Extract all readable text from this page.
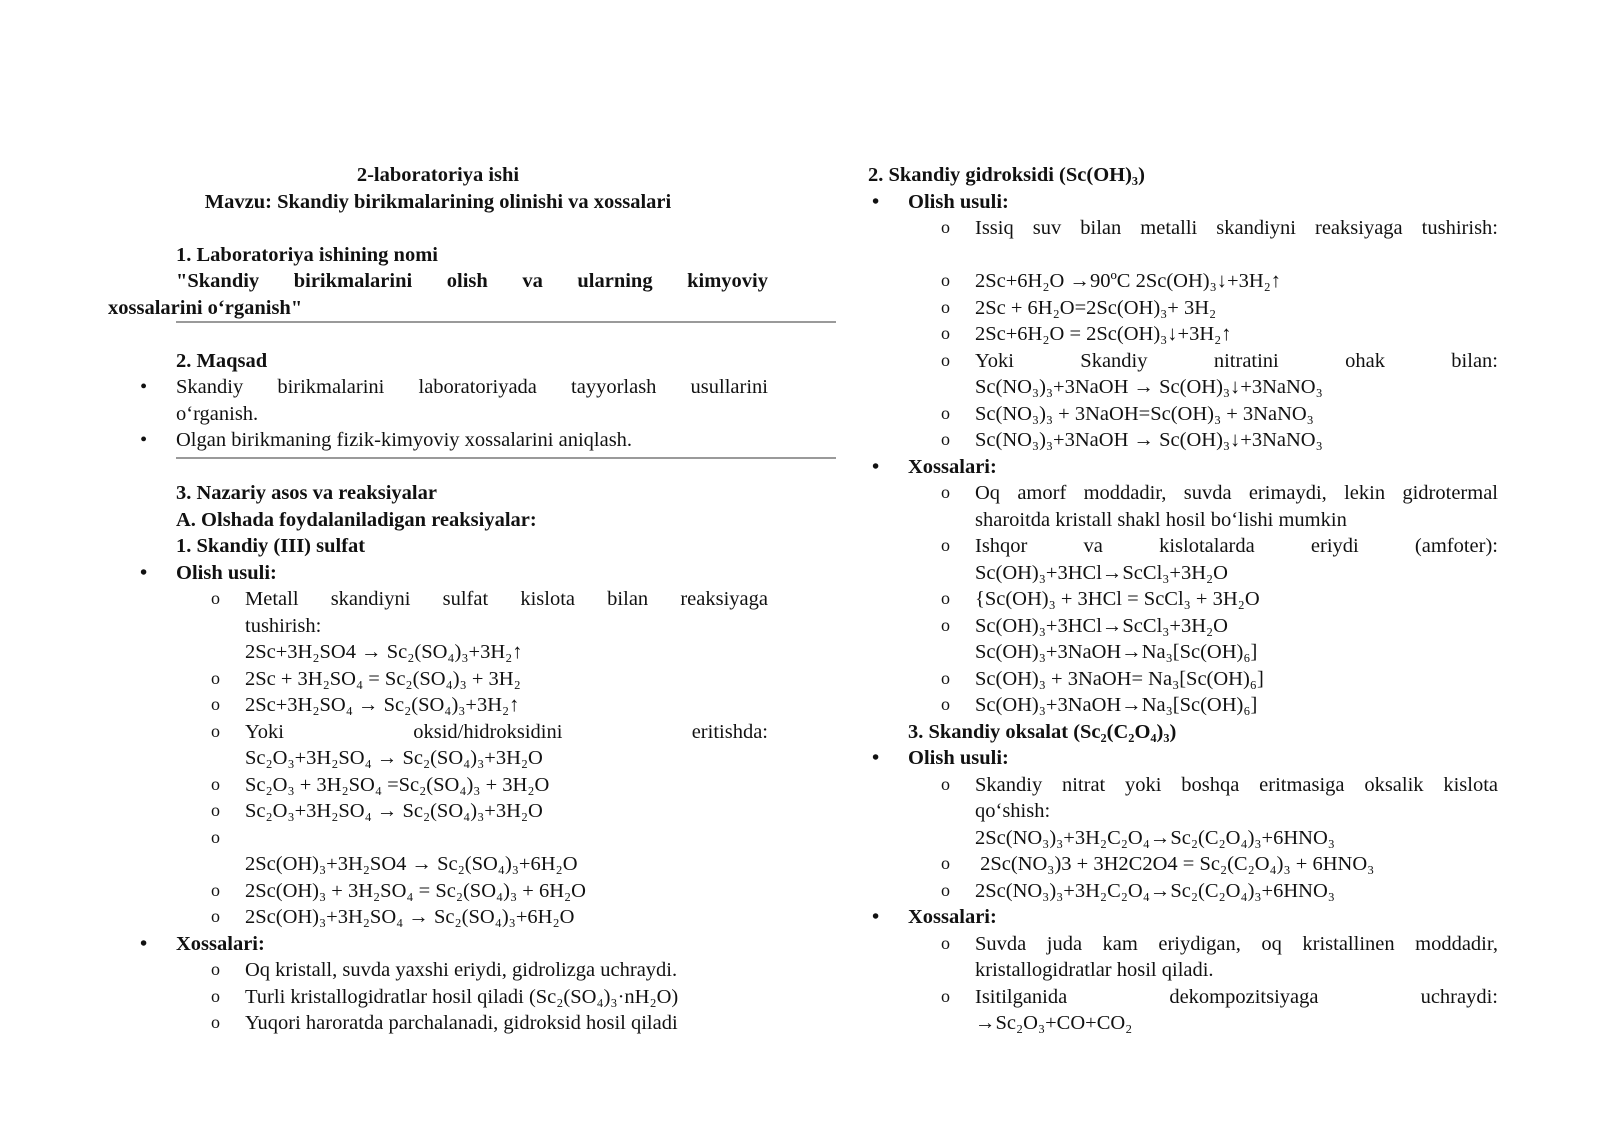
2-laboratoriya ishi
Mavzu: Skandiy birikmalarining olinishi va xossalari
1. Laboratoriya ishining nomi
"Skandiy birikmalarini olish va ularning kimyoviy
xossalarini o‘rganish"
2. Maqsad
• Skandiy birikmalarini laboratoriyada tayyorlash usullarini
o‘rganish.
• Olgan birikmaning fizik-kimyoviy xossalarini aniqlash.
3. Nazariy asos va reaksiyalar
A. Olshada foydalaniladigan reaksiyalar:
1. Skandiy (III) sulfat
• Olish usuli:
o Metall skandiyni sulfat kislota bilan reaksiyaga
tushirish:
2Sc+3H₂SO4 → Sc₂(SO₄)₃+3H₂↑
o 2Sc + 3H₂SO₄ = Sc₂(SO₄)₃ + 3H₂
o 2Sc+3H₂SO₄ → Sc₂(SO₄)₃+3H₂↑
o Yoki oksid/hidroksidini eritishda:
Sc₂O₃+3H₂SO₄ → Sc₂(SO₄)₃+3H₂O
o Sc₂O₃ + 3H₂SO₄ =Sc₂(SO₄)₃ + 3H₂O
o Sc₂O₃+3H₂SO₄ → Sc₂(SO₄)₃+3H₂O
o
2Sc(OH)₃+3H₂SO4 → Sc₂(SO₄)₃+6H₂O
o 2Sc(OH)₃ + 3H₂SO₄ = Sc₂(SO₄)₃ + 6H₂O
o 2Sc(OH)₃+3H₂SO₄ → Sc₂(SO₄)₃+6H₂O
• Xossalari:
o Oq kristall, suvda yaxshi eriydi, gidrolizga uchraydi.
o Turli kristallogidratlar hosil qiladi (Sc₂(SO₄)₃·nH₂O)
o Yuqori haroratda parchalanadi, gidroksid hosil qiladi
2. Skandiy gidroksidi (Sc(OH)₃)
• Olish usuli:
o Issiq suv bilan metalli skandiyni reaksiyaga tushirish:
o 2Sc+6H₂O →90ºC 2Sc(OH)₃↓+3H₂↑
o 2Sc + 6H₂O=2Sc(OH)₃+ 3H₂
o 2Sc+6H₂O = 2Sc(OH)₃↓+3H₂↑
o Yoki Skandiy nitratini ohak bilan:
Sc(NO₃)₃+3NaOH → Sc(OH)₃↓+3NaNO₃
o Sc(NO₃)₃ + 3NaOH=Sc(OH)₃ + 3NaNO₃
o Sc(NO₃)₃+3NaOH → Sc(OH)₃↓+3NaNO₃
• Xossalari:
o Oq amorf moddadir, suvda erimaydi, lekin gidrotermal
sharoitda kristall shakl hosil bo‘lishi mumkin
o Ishqor va kislotalarda eriydi (amfoter):
Sc(OH)₃+3HCl→ScCl₃+3H₂O
o {Sc(OH)₃ + 3HCl = ScCl₃ + 3H₂O
o Sc(OH)₃+3HCl→ScCl₃+3H₂O
Sc(OH)₃+3NaOH→Na₃[Sc(OH)₆]
o Sc(OH)₃ + 3NaOH= Na₃[Sc(OH)₆]
o Sc(OH)₃+3NaOH→Na₃[Sc(OH)₆]
3. Skandiy oksalat (Sc₂(C₂O₄)₃)
• Olish usuli:
o Skandiy nitrat yoki boshqa eritmasiga oksalik kislota
qo‘shish:
2Sc(NO₃)₃+3H₂C₂O₄→Sc₂(C₂O₄)₃+6HNO₃
o  2Sc(NO₃)3 + 3H2C2O4 = Sc₂(C₂O₄)₃ + 6HNO₃
o 2Sc(NO₃)₃+3H₂C₂O₄→Sc₂(C₂O₄)₃+6HNO₃
• Xossalari:
o Suvda juda kam eriydigan, oq kristallinen moddadir,
kristallogidratlar hosil qiladi.
o Isitilganida dekompozitsiyaga uchraydi:
→Sc₂O₃+CO+CO₂
